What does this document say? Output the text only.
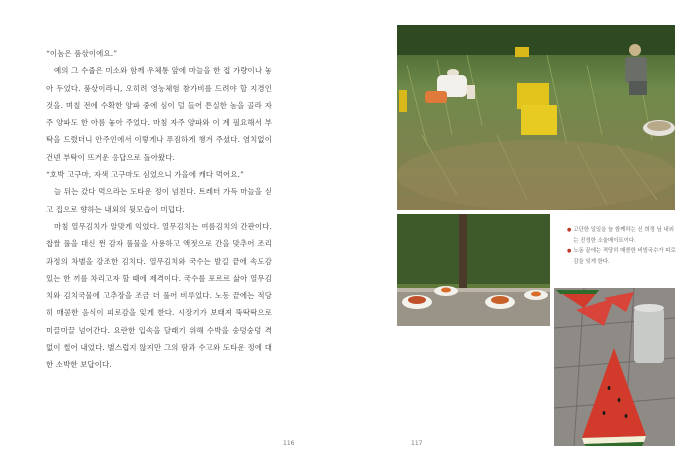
“이놈은 품삯이에요.”

예의 그 수줍은 미소와 함께 우체통 앞에 마늘을 한 접 가량이나 놓아 두었다. 품삯이라니, 오히려 영농체험 참가비를 드려야 할 지경인 것을. 며칠 전에 수확한 양파 중에 심이 덜 들어 튼실한 놈을 골라 자주 양파도 한 아름 놓아 주었다. 마침 자주 양파와 이 계 필요해서 부탁을 드렸더니 안주인에서 이렇게나 푸짐하게 챙겨 주셨다. 염치없이 건넨 부탁이 뜨거운 응답으로 돌아왔다.

“호박 고구마, 자색 고구마도 심었으니 가을에 캐다 먹어요.”

늘 뒤는 갔다 먹으라는 도타운 정이 넘친다. 트레터 가득 마늘을 싣고 집으로 향하는 내외의 뒷모습이 미덥다.

마침 열무김치가 알맞게 익었다. 열무김치는 여름김치의 간판이다. 찹쌀 풀을 대신 쩐 감자 풀물을 사용하고 액젓으로 간을 맞추어 조리 과정의 차별을 강조한 김치다. 열무김치와 국수는 발길 끝에 속도감 있는 한 끼를 차리고자 할 때에 제격이다. 국수를 포르르 삶아 열무김치와 김치국물에 고추장을 조금 더 풀어 비루었다. 노동 끝에는 적당히 매콤한 음식이 피로감을 잊게 한다. 시장기가 보태져 뚝딱딱으로 미끌미끌 넘어간다. 요란한 입속을 달래기 위해 수박을 숭덩숭덩 격 없이 썰어 내었다. 별스럽지 않지만 그의 땀과 수고와 도타운 정에 대한 소박한 보답이다.

116	117
● 고단한 일일을 늘 함께하는 신 희정 님 내외는 진정한 소울메이트이다.
● 노동 끝에는 적당히 매콤한 비빔국수가 피로감을 잊게 한다.
